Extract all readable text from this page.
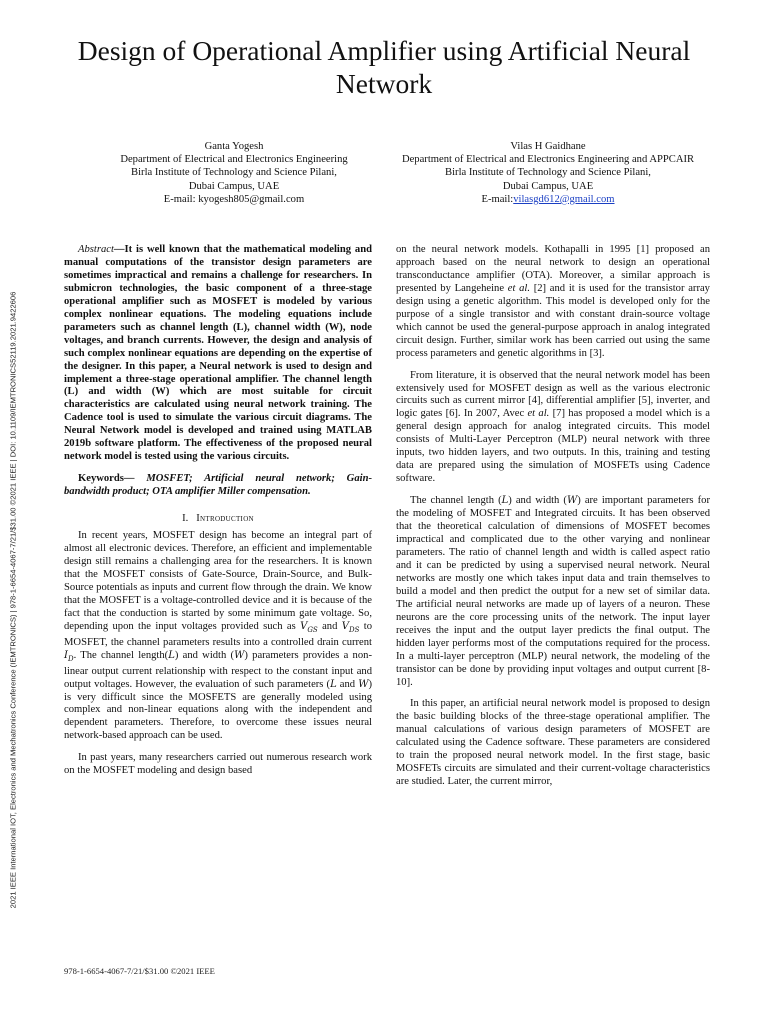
Design of Operational Amplifier using Artificial Neural Network
Ganta Yogesh
Department of Electrical and Electronics Engineering
Birla Institute of Technology and Science Pilani,
Dubai Campus, UAE
E-mail: kyogesh805@gmail.com
Vilas H Gaidhane
Department of Electrical and Electronics Engineering and APPCAIR
Birla Institute of Technology and Science Pilani,
Dubai Campus, UAE
E-mail:vilasgd612@gmail.com
2021 IEEE International IOT, Electronics and Mechatronics Conference (IEMTRONICS) | 978-1-6654-4067-7/21/$31.00 ©2021 IEEE | DOI: 10.1109/IEMTRONICS52119.2021.9422606

Abstract—It is well known that the mathematical modeling and manual computations of the transistor design parameters are sometimes impractical and remains a challenge for researchers. In submicron technologies, the basic component of a three-stage operational amplifier such as MOSFET is modeled by various complex nonlinear equations. The modeling equations include parameters such as channel length (L), channel width (W), node voltages, and branch currents. However, the design and analysis of such complex nonlinear equations are depending on the expertise of the designer. In this paper, a Neural network is used to design and implement a three-stage operational amplifier. The channel length (L) and width (W) which are most suitable for circuit characteristics are calculated using neural network training. The Cadence tool is used to simulate the various circuit diagrams. The Neural Network model is developed and trained using MATLAB 2019b software platform. The effectiveness of the proposed neural network model is tested using the various circuits.

Keywords— MOSFET; Artificial neural network; Gain-bandwidth product; OTA amplifier Miller compensation.

I. Introduction

In recent years, MOSFET design has become an integral part of almost all electronic devices. Therefore, an efficient and implementable design still remains a challenging area for the researchers. It is known that the MOSFET consists of Gate-Source, Drain-Source, and Bulk-Source potentials as inputs and current flow through the drain. We know that the MOSFET is a voltage-controlled device and it is because of the fact that the conduction is started by some minimum gate voltage. So, depending upon the input voltages provided such as $V_{GS}$ and $V_{DS}$ to MOSFET, the channel parameters results into a controlled drain current $I_D$. The channel length(L) and width (W) parameters provides a non-linear output current relationship with respect to the constant input and output voltages. However, the evaluation of such parameters (L and W) is very difficult since the MOSFETS are generally modeled using complex and non-linear equations along with the independent and dependent parameters. Therefore, to overcome these issues neural network-based approach can be used.

In past years, many researchers carried out numerous research work on the MOSFET modeling and design based

on the neural network models. Kothapalli in 1995 [1] proposed an approach based on the neural network to design an operational transconductance amplifier (OTA). Moreover, a similar approach is presented by Langeheine et al. [2] and it is used for the transistor array design using a genetic algorithm. This model is developed only for the purpose of a single transistor and with constant drain-source voltage which cannot be used the general-purpose approach in analog integrated circuit design. Further, similar work has been carried out using the same process parameters and genetic algorithms in [3].

From literature, it is observed that the neural network model has been extensively used for MOSFET design as well as the various electronic circuits such as current mirror [4], differential amplifier [5], inverter, and logic gates [6]. In 2007, Avec et al. [7] has proposed a model which is a general design approach for analog integrated circuits. This model consists of Multi-Layer Perceptron (MLP) neural network with three inputs, two hidden layers, and two outputs. In this, training and testing data are prepared using the simulation of MOSFETs using Cadence software.

The channel length (L) and width (W) are important parameters for the modeling of MOSFET and Integrated circuits. It has been observed that the theoretical calculation of dimensions of MOSFET becomes impractical and complicated due to the other varying and nonlinear parameters. The ratio of channel length and width is called aspect ratio and it can be predicted by using a supervised neural network. Neural networks are mostly one which takes input data and train themselves to build a model and then predict the output for a new set of similar data. The artificial neural networks are made up of layers of a neuron. These neurons are the core processing units of the network. The input layer receives the input and the output layer predicts the final output. The hidden layer performs most of the computations required for the process. In a multi-layer perceptron (MLP) neural network, the modeling of the transistor can be done by providing input voltages and output current [8-10].

In this paper, an artificial neural network model is proposed to design the basic building blocks of the three-stage operational amplifier. The manual calculations of various design parameters of MOSFET are calculated using the Cadence software. These parameters are considered to train the proposed neural network model. In the first stage, basic MOSFETs circuits are simulated and their current-voltage characteristics are studied. Later, the current mirror,

978-1-6654-4067-7/21/$31.00 ©2021 IEEE
